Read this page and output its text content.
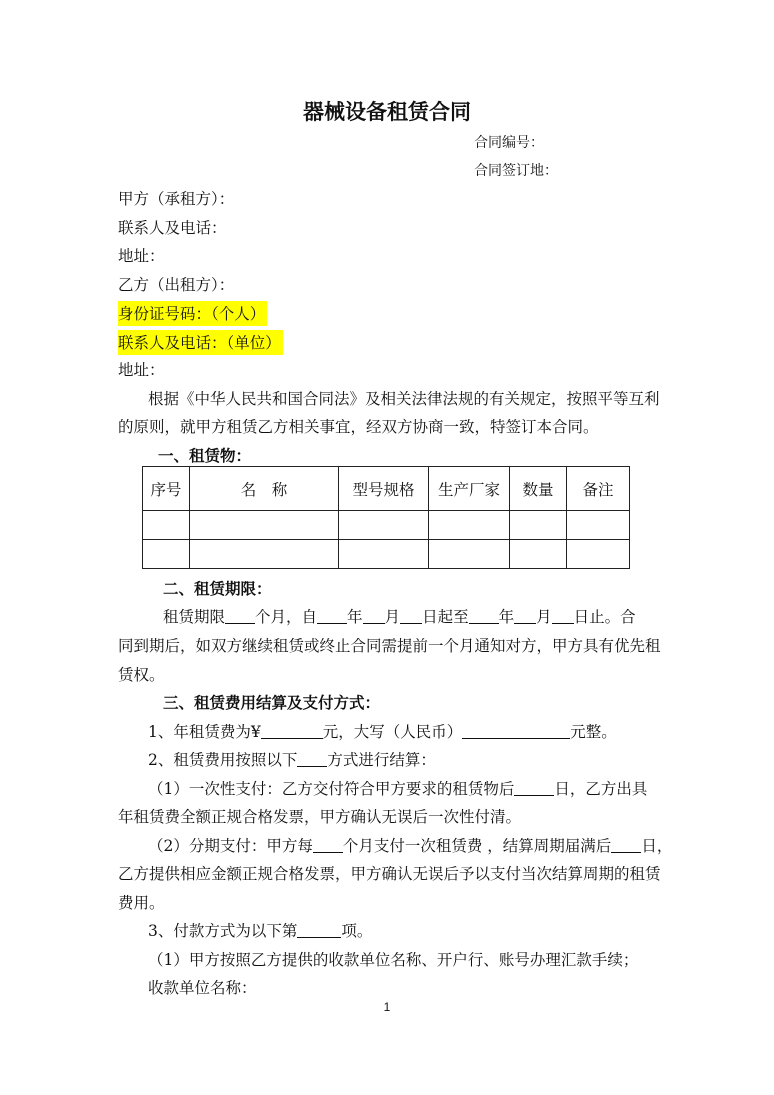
器械设备租赁合同
合同编号：
合同签订地：
甲方（承租方）：
联系人及电话：
地址：
乙方（出租方）：
身份证号码：（个人）
联系人及电话：（单位）
地址：
根据《中华人民共和国合同法》及相关法律法规的有关规定，按照平等互利
的原则，就甲方租赁乙方相关事宜，经双方协商一致，特签订本合同。
一、租赁物：
序号	名　称	型号规格	生产厂家	数量	备注

二、租赁期限：
租赁期限 个月，自 年 月 日起至 年 月 日止。合
同到期后，如双方继续租赁或终止合同需提前一个月通知对方，甲方具有优先租
赁权。
三、租赁费用结算及支付方式：
1、年租赁费为¥	元，大写（人民币）	元整。
2、租赁费用按照以下 方式进行结算：
（1）一次性支付：乙方交付符合甲方要求的租赁物后	日，乙方出具
年租赁费全额正规合格发票，甲方确认无误后一次性付清。
（2）分期支付：甲方每 个月支付一次租赁费 ，结算周期届满后 日，
乙方提供相应金额正规合格发票，甲方确认无误后予以支付当次结算周期的租赁
费用。
3、付款方式为以下第	项。
（1）甲方按照乙方提供的收款单位名称、开户行、账号办理汇款手续；
收款单位名称：
1
